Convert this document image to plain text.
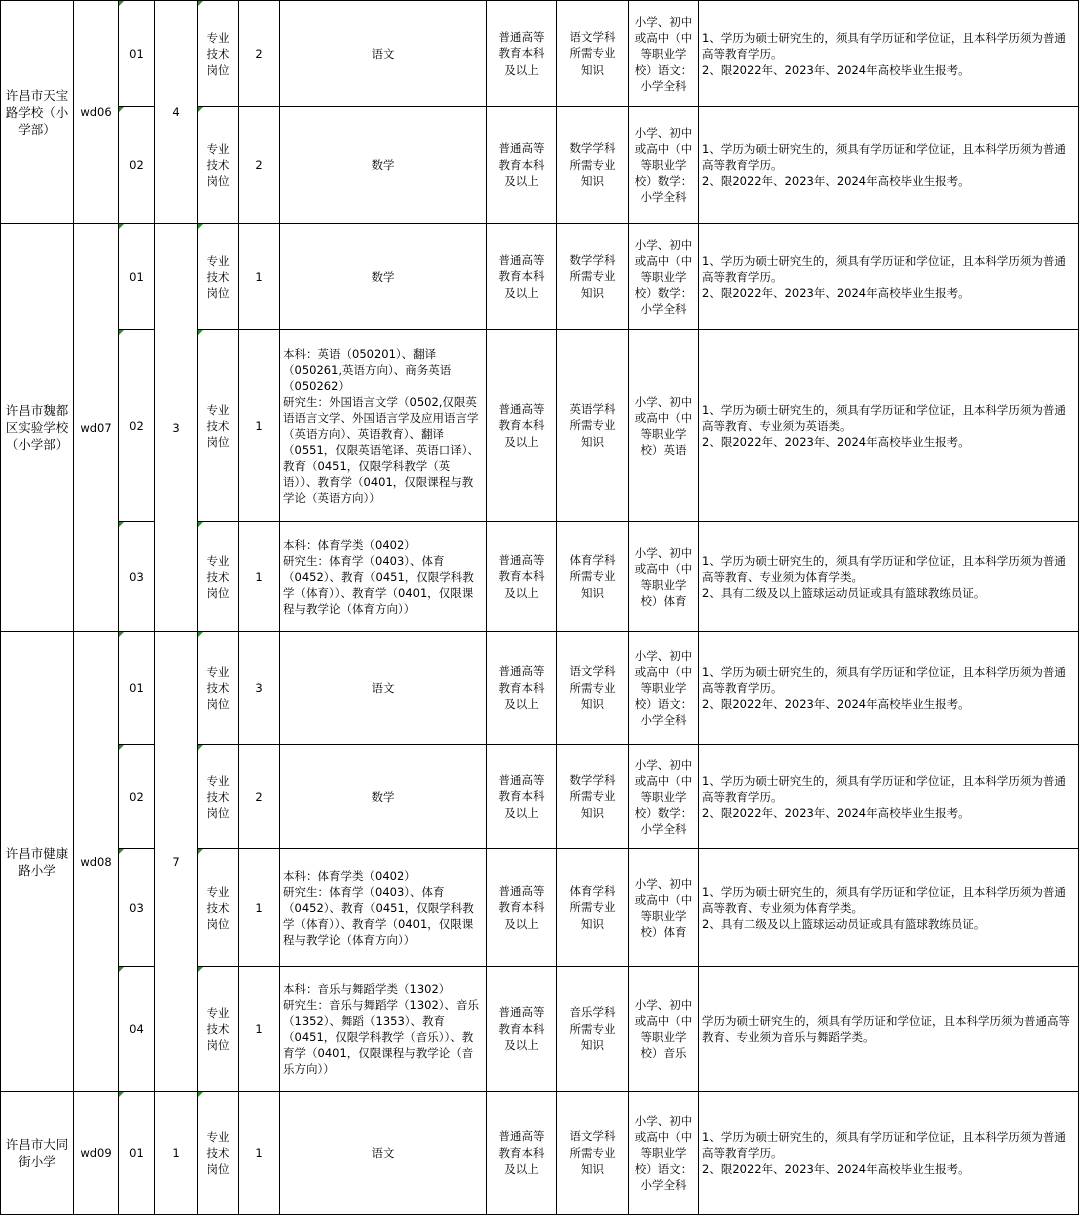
许昌市天宝路学校（小学部）	wd06	01	4	专业技术岗位	2	语文	普通高等教育本科及以上	语文学科所需专业知识	小学、初中或高中（中等职业学校）语文：小学全科	1、学历为硕士研究生的，须具有学历证和学位证，且本科学历须为普通高等教育学历。
2、限2022年、2023年、2024年高校毕业生报考。
		02		专业技术岗位	2	数学	普通高等教育本科及以上	数学学科所需专业知识	小学、初中或高中（中等职业学校）数学：小学全科	1、学历为硕士研究生的，须具有学历证和学位证，且本科学历须为普通高等教育学历。
2、限2022年、2023年、2024年高校毕业生报考。
许昌市魏都区实验学校（小学部）	wd07	01	3	专业技术岗位	1	数学	普通高等教育本科及以上	数学学科所需专业知识	小学、初中或高中（中等职业学校）数学：小学全科	1、学历为硕士研究生的，须具有学历证和学位证，且本科学历须为普通高等教育学历。
2、限2022年、2023年、2024年高校毕业生报考。
		02		专业技术岗位	1	本科：英语（050201）、翻译（050261,英语方向）、商务英语（050262）
研究生：外国语言文学（0502,仅限英语语言文学、外国语言学及应用语言学（英语方向）、英语教育）、翻译（0551，仅限英语笔译、英语口译）、教育（0451，仅限学科教学（英语））、教育学（0401，仅限课程与教学论（英语方向））	普通高等教育本科及以上	英语学科所需专业知识	小学、初中或高中（中等职业学校）英语	1、学历为硕士研究生的，须具有学历证和学位证，且本科学历须为普通高等教育、专业须为英语类。
2、限2022年、2023年、2024年高校毕业生报考。
		03		专业技术岗位	1	本科：体育学类（0402）
研究生：体育学（0403）、体育（0452）、教育（0451，仅限学科教学（体育））、教育学（0401，仅限课程与教学论（体育方向））	普通高等教育本科及以上	体育学科所需专业知识	小学、初中或高中（中等职业学校）体育	1、学历为硕士研究生的，须具有学历证和学位证，且本科学历须为普通高等教育、专业须为体育学类。
2、具有二级及以上篮球运动员证或具有篮球教练员证。
许昌市健康路小学	wd08	01	7	专业技术岗位	3	语文	普通高等教育本科及以上	语文学科所需专业知识	小学、初中或高中（中等职业学校）语文：小学全科	1、学历为硕士研究生的，须具有学历证和学位证，且本科学历须为普通高等教育学历。
2、限2022年、2023年、2024年高校毕业生报考。
		02		专业技术岗位	2	数学	普通高等教育本科及以上	数学学科所需专业知识	小学、初中或高中（中等职业学校）数学：小学全科	1、学历为硕士研究生的，须具有学历证和学位证，且本科学历须为普通高等教育学历。
2、限2022年、2023年、2024年高校毕业生报考。
		03		专业技术岗位	1	本科：体育学类（0402）
研究生：体育学（0403）、体育（0452）、教育（0451，仅限学科教学（体育））、教育学（0401，仅限课程与教学论（体育方向））	普通高等教育本科及以上	体育学科所需专业知识	小学、初中或高中（中等职业学校）体育	1、学历为硕士研究生的，须具有学历证和学位证，且本科学历须为普通高等教育、专业须为体育学类。
2、具有二级及以上篮球运动员证或具有篮球教练员证。
		04		专业技术岗位	1	本科：音乐与舞蹈学类（1302）
研究生：音乐与舞蹈学（1302）、音乐（1352）、舞蹈（1353）、教育（0451，仅限学科教学（音乐））、教育学（0401，仅限课程与教学论（音乐方向））	普通高等教育本科及以上	音乐学科所需专业知识	小学、初中或高中（中等职业学校）音乐	学历为硕士研究生的，须具有学历证和学位证，且本科学历须为普通高等教育、专业须为音乐与舞蹈学类。
许昌市大同街小学	wd09	01	1	专业技术岗位	1	语文	普通高等教育本科及以上	语文学科所需专业知识	小学、初中或高中（中等职业学校）语文：小学全科	1、学历为硕士研究生的，须具有学历证和学位证，且本科学历须为普通高等教育学历。
2、限2022年、2023年、2024年高校毕业生报考。
